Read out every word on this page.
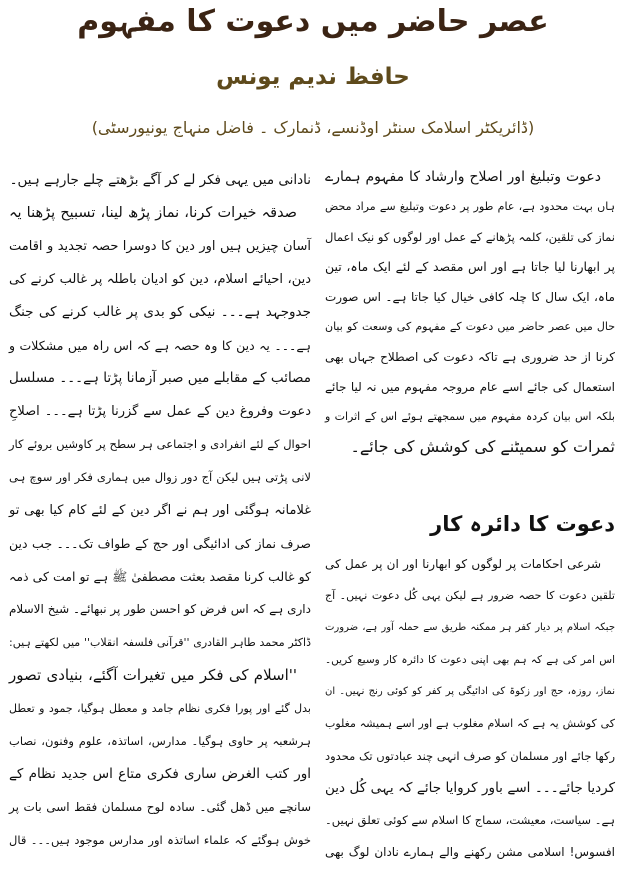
عصر حاضر میں دعوت کا مفہوم
حافظ ندیم یونس
(ڈائریکٹر اسلامک سنٹر اوڈنسے، ڈنمارک ۔ فاضل منہاج یونیورسٹی)
دعوت وتبلیغ اور اصلاح وارشاد کا مفہوم ہمارے
ہاں بہت محدود ہے، عام طور پر دعوت وتبلیغ سے مراد محض
نماز کی تلقین، کلمہ پڑھانے کے عمل اور لوگوں کو نیک اعمال
پر ابھارنا لیا جاتا ہے اور اس مقصد کے لئے ایک ماہ، تین
ماہ، ایک سال کا چلہ کافی خیال کیا جاتا ہے۔ اس صورت
حال میں عصر حاضر میں دعوت کے مفہوم کی وسعت کو بیان
کرنا از حد ضروری ہے تاکہ دعوت کی اصطلاح جہاں بھی
استعمال کی جائے اسے عام مروجہ مفہوم میں نہ لیا جائے
بلکہ اس بیان کردہ مفہوم میں سمجھتے ہوئے اس کے اثرات و
ثمرات کو سمیٹنے کی کوشش کی جائے۔
دعوت کا دائرہ کار
شرعی احکامات پر لوگوں کو ابھارنا اور ان پر عمل کی
تلقین دعوت کا حصہ ضرور ہے لیکن یہی کُل دعوت نہیں۔ آج
جبکہ اسلام پر دیار کفر ہر ممکنہ طریق سے حملہ آور ہے، ضرورت
اس امر کی ہے کہ ہم بھی اپنی دعوت کا دائرہ کار وسیع کریں۔
نماز، روزہ، حج اور زکوۃ کی ادائیگی پر کفر کو کوئی رنج نہیں۔ ان
کی کوشش یہ ہے کہ اسلام مغلوب ہے اور اسے ہمیشہ مغلوب
رکھا جائے اور مسلمان کو صرف انہی چند عبادتوں تک محدود
کردیا جائے۔۔۔ اسے باور کروایا جائے کہ یہی کُل دین
ہے۔ سیاست، معیشت، سماج کا اسلام سے کوئی تعلق نہیں۔
افسوس! اسلامی مشن رکھنے والے ہمارے نادان لوگ بھی
نادانی میں یہی فکر لے کر آگے بڑھتے چلے جارہے ہیں۔
صدقہ خیرات کرنا، نماز پڑھ لینا، تسبیح پڑھنا یہ
آسان چیزیں ہیں اور دین کا دوسرا حصہ تجدید و اقامت
دین، احیائے اسلام، دین کو ادیان باطلہ پر غالب کرنے کی
جدوجہد ہے۔۔۔ نیکی کو بدی پر غالب کرنے کی جنگ
ہے۔۔۔ یہ دین کا وہ حصہ ہے کہ اس راہ میں مشکلات و
مصائب کے مقابلے میں صبر آزمانا پڑتا ہے۔۔۔ مسلسل
دعوت وفروغ دین کے عمل سے گزرنا پڑتا ہے۔۔۔ اصلاحِ
احوال کے لئے انفرادی و اجتماعی ہر سطح پر کاوشیں بروئے کار
لانی پڑتی ہیں لیکن آج دور زوال میں ہماری فکر اور سوچ ہی
غلامانہ ہوگئی اور ہم نے اگر دین کے لئے کام کیا بھی تو
صرف نماز کی ادائیگی اور حج کے طواف تک۔۔۔ جب دین
کو غالب کرنا مقصد بعثت مصطفیٰ ﷺ ہے تو امت کی ذمہ
داری ہے کہ اس فرض کو احسن طور پر نبھائے۔ شیخ الاسلام
ڈاکٹر محمد طاہر القادری ''قرآنی فلسفہ انقلاب'' میں لکھتے ہیں:
''اسلام کی فکر میں تغیرات آگئے، بنیادی تصور
بدل گئے اور پورا فکری نظام جامد و معطل ہوگیا، جمود و تعطل
ہرشعبہ پر حاوی ہوگیا۔ مدارس، اساتذہ، علوم وفنون، نصاب
اور کتب الغرض ساری فکری متاع اس جدید نظام کے
سانچے میں ڈھل گئی۔ سادہ لوح مسلمان فقط اسی بات پر
خوش ہوگئے کہ علماء اساتذہ اور مدارس موجود ہیں۔۔۔ قال
